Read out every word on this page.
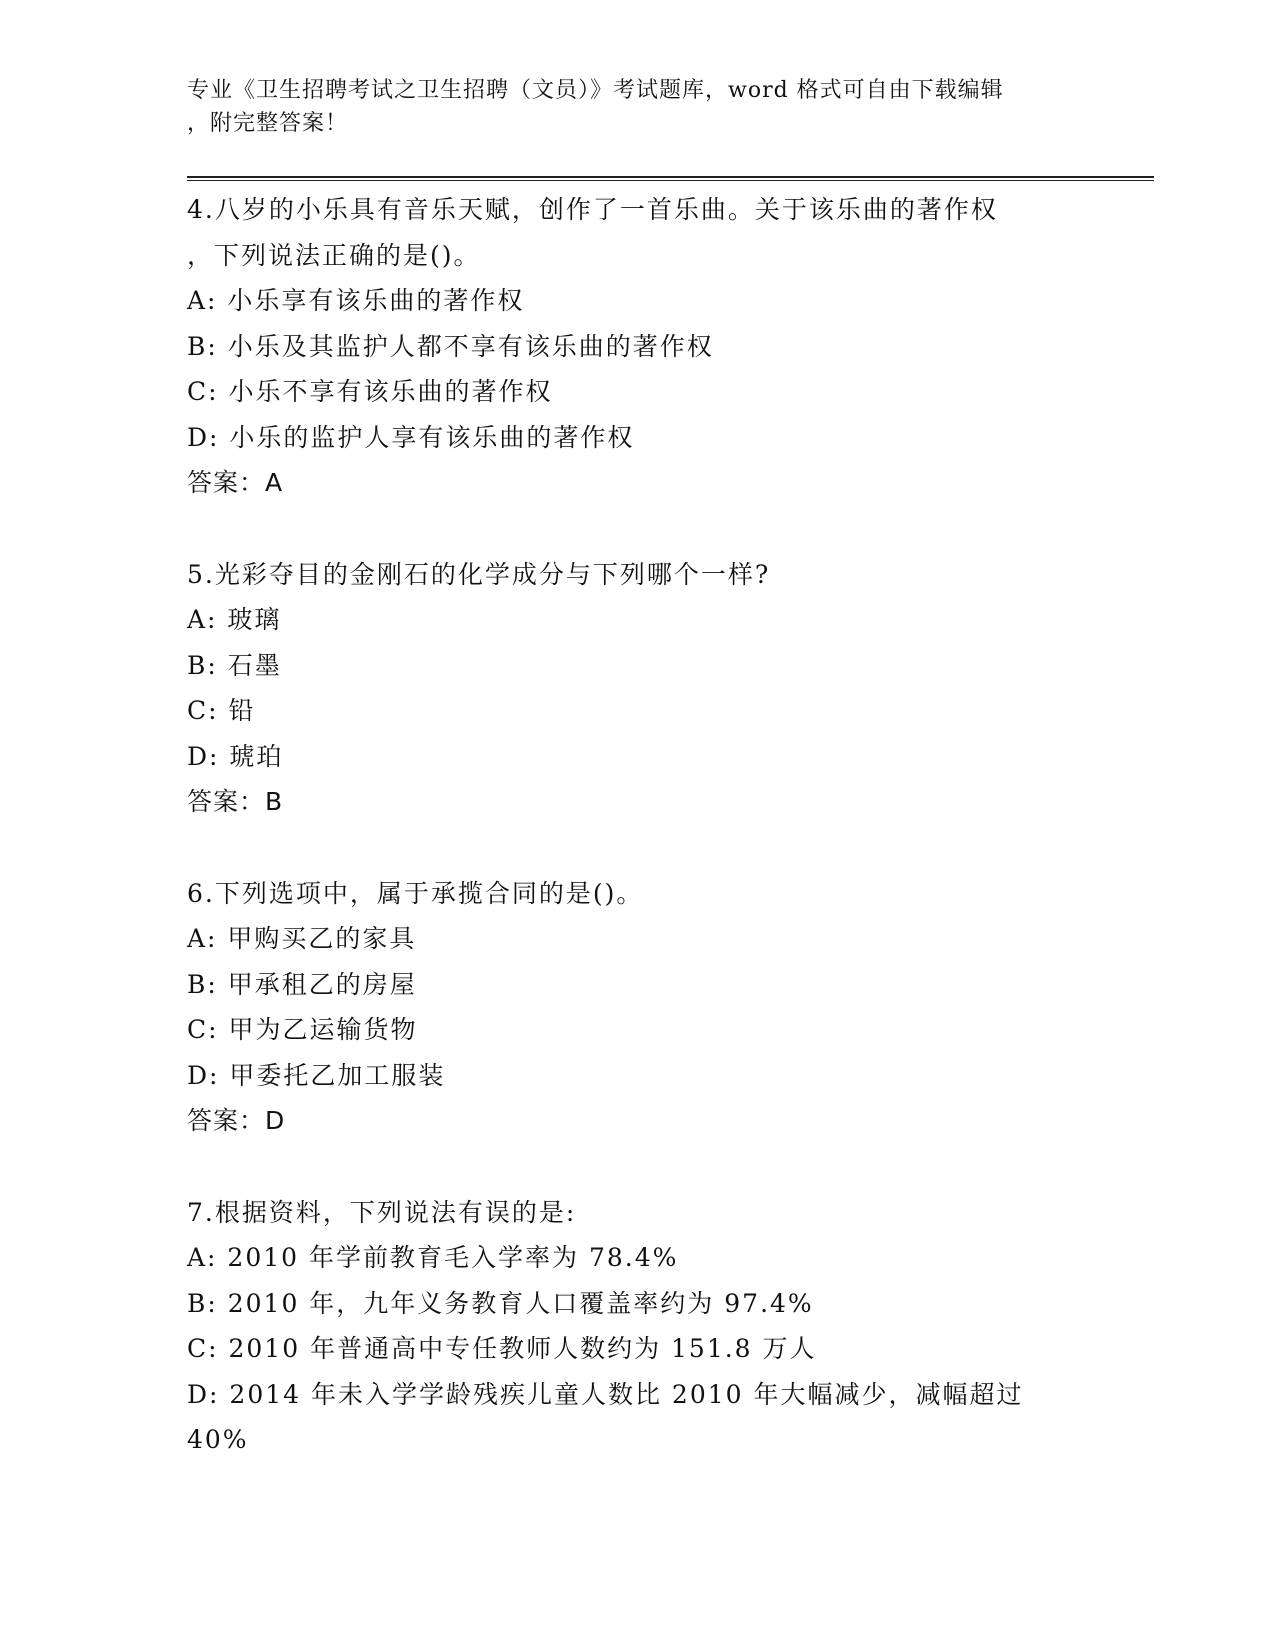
专业《卫生招聘考试之卫生招聘（文员）》考试题库，word 格式可自由下载编辑
，附完整答案！
4.八岁的小乐具有音乐天赋，创作了一首乐曲。关于该乐曲的著作权
，下列说法正确的是()。
A: 小乐享有该乐曲的著作权
B: 小乐及其监护人都不享有该乐曲的著作权
C: 小乐不享有该乐曲的著作权
D: 小乐的监护人享有该乐曲的著作权
答案：A
5.光彩夺目的金刚石的化学成分与下列哪个一样?
A: 玻璃
B: 石墨
C: 铅
D: 琥珀
答案：B
6.下列选项中，属于承揽合同的是()。
A: 甲购买乙的家具
B: 甲承租乙的房屋
C: 甲为乙运输货物
D: 甲委托乙加工服装
答案：D
7.根据资料，下列说法有误的是:
A: 2010 年学前教育毛入学率为 78.4%
B: 2010 年，九年义务教育人口覆盖率约为 97.4%
C: 2010 年普通高中专任教师人数约为 151.8 万人
D: 2014 年未入学学龄残疾儿童人数比 2010 年大幅减少，减幅超过
40%
